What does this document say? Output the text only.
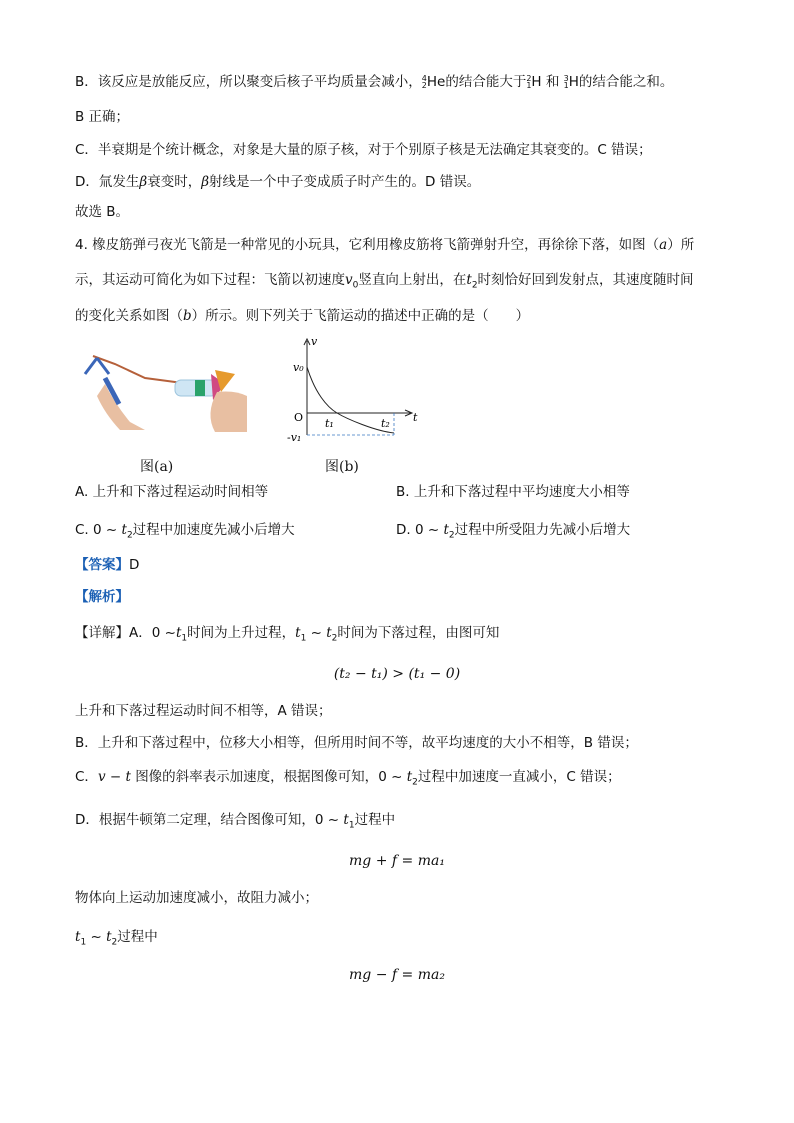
B．该反应是放能反应，所以聚变后核子平均质量会减小， 4
2 He的结合能大于 2
1 H 和 3
1 H的结合能之和。
B 正确；
C．半衰期是个统计概念，对象是大量的原子核，对于个别原子核是无法确定其衰变的。C 错误；
D．氚发生β衰变时，β射线是一个中子变成质子时产生的。D 错误。
故选 B。
4. 橡皮筋弹弓夜光飞箭是一种常见的小玩具，它利用橡皮筋将飞箭弹射升空，再徐徐下落，如图（a）所
示，其运动可简化为如下过程：飞箭以初速度$v_0$竖直向上射出，在$t_2$时刻恰好回到发射点，其速度随时间
的变化关系如图（b）所示。则下列关于飞箭运动的描述中正确的是（　　）
图(a)
v
t
v₀
O t₁	t₂
-v₁
图(b)
A. 上升和下落过程运动时间相等	B. 上升和下落过程中平均速度大小相等
C. 0 ~ $t_2$过程中加速度先减小后增大	D. 0 ~ $t_2$过程中所受阻力先减小后增大
【答案】D
【解析】
【详解】A．0 $\sim t_1$时间为上升过程，$t_1$ ~ $t_2$时间为下落过程，由图可知
(t₂ − t₁) > (t₁ − 0)
上升和下落过程运动时间不相等，A 错误；
B．上升和下落过程中，位移大小相等，但所用时间不等，故平均速度的大小不相等，B 错误；
C．v − t 图像的斜率表示加速度，根据图像可知，0 ~ $t_2$过程中加速度一直减小，C 错误；
D．根据牛顿第二定理，结合图像可知，0 ~ $t_1$过程中
mg + f = ma₁
物体向上运动加速度减小，故阻力减小；
$t_1$ ~ $t_2$过程中
mg − f = ma₂
